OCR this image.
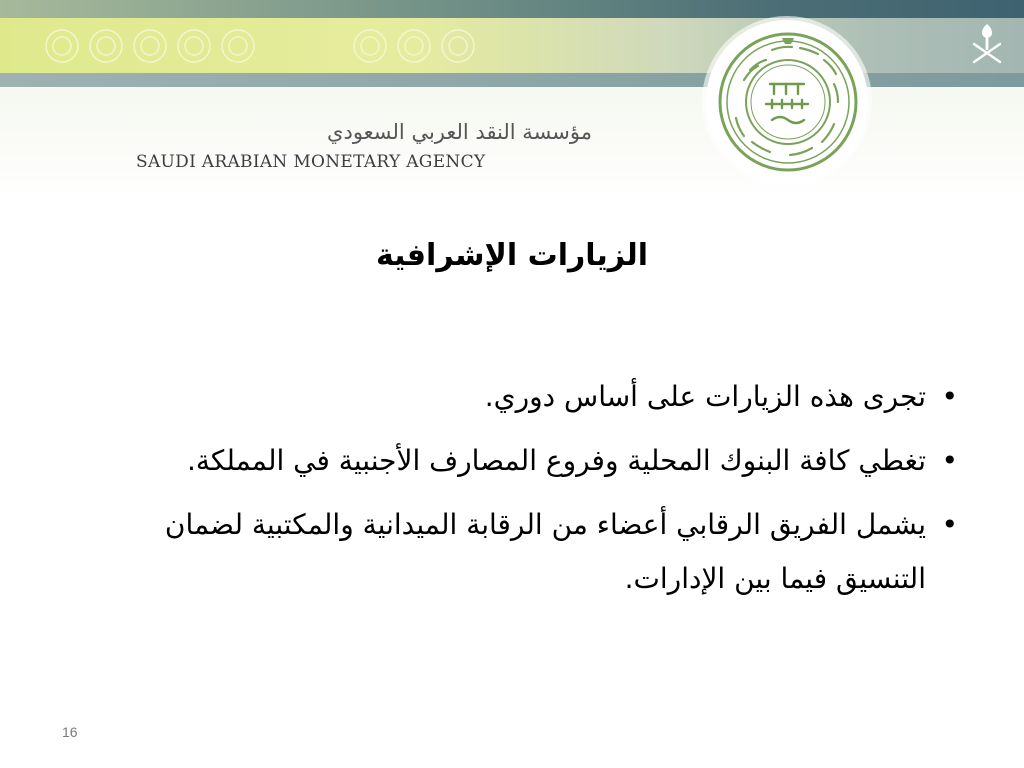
مؤسسة النقد العربي السعودي
SAUDI ARABIAN MONETARY AGENCY
الزيارات الإشرافية
•
تجرى هذه الزيارات على أساس دوري.
•
تغطي كافة البنوك المحلية وفروع المصارف الأجنبية في المملكة.
•
يشمل الفريق الرقابي أعضاء من الرقابة الميدانية والمكتبية لضمان التنسيق فيما بين الإدارات.
16
